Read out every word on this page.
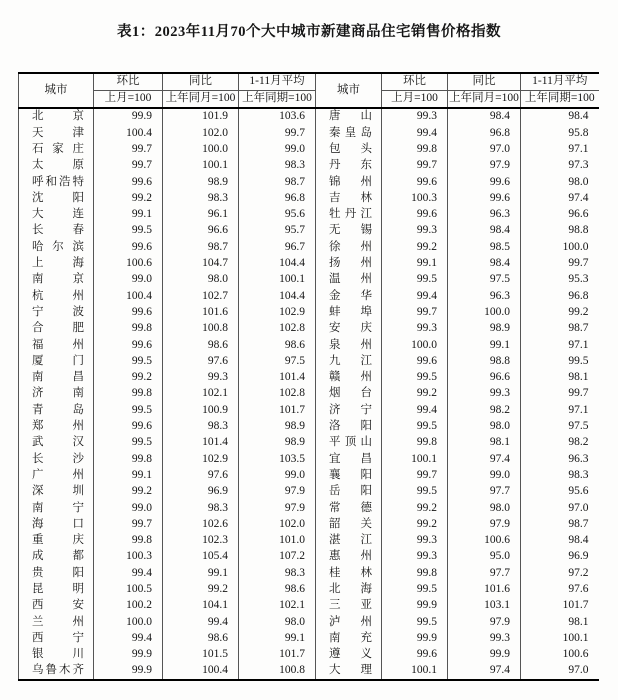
表1：2023年11月70个大中城市新建商品住宅销售价格指数
城市	环比	同比	1-11月平均	城市	环比	同比	1-11月平均
	上月=100	上年同月=100	上年同期=100		上月=100	上年同月=100	上年同期=100
北京	99.9	101.9	103.6	唐山	99.3	98.4	98.4
天津	100.4	102.0	99.7	秦皇岛	99.4	96.8	95.8
石家庄	99.7	100.0	99.0	包头	99.8	97.0	97.1
太原	99.7	100.1	98.3	丹东	99.7	97.9	97.3
呼和浩特	99.6	98.9	98.7	锦州	99.6	99.6	98.0
沈阳	99.2	98.3	96.8	吉林	100.3	99.6	97.4
大连	99.1	96.1	95.6	牡丹江	99.6	96.3	96.6
长春	99.5	96.6	95.7	无锡	99.3	98.4	98.8
哈尔滨	99.6	98.7	96.7	徐州	99.2	98.5	100.0
上海	100.6	104.7	104.4	扬州	99.1	98.4	99.7
南京	99.0	98.0	100.1	温州	99.5	97.5	95.3
杭州	100.4	102.7	104.4	金华	99.4	96.3	96.8
宁波	99.6	101.6	102.9	蚌埠	99.7	100.0	99.2
合肥	99.8	100.8	102.8	安庆	99.3	98.9	98.7
福州	99.6	98.6	98.6	泉州	100.0	99.1	97.1
厦门	99.5	97.6	97.5	九江	99.6	98.8	99.5
南昌	99.2	99.3	101.4	赣州	99.5	96.6	98.1
济南	99.8	102.1	102.8	烟台	99.2	99.3	99.7
青岛	99.5	100.9	101.7	济宁	99.4	98.2	97.1
郑州	99.6	98.3	98.9	洛阳	99.5	98.0	97.5
武汉	99.5	101.4	98.9	平顶山	99.8	98.1	98.2
长沙	99.8	102.9	103.5	宜昌	100.1	97.4	96.3
广州	99.1	97.6	99.0	襄阳	99.7	99.0	98.3
深圳	99.2	96.9	97.9	岳阳	99.5	97.7	95.6
南宁	99.0	98.3	97.9	常德	99.2	98.0	97.0
海口	99.7	102.6	102.0	韶关	99.2	97.9	98.7
重庆	99.8	102.3	101.0	湛江	99.3	100.6	98.4
成都	100.3	105.4	107.2	惠州	99.3	95.0	96.9
贵阳	99.4	99.1	98.3	桂林	99.8	97.7	97.2
昆明	100.5	99.2	98.6	北海	99.5	101.6	97.6
西安	100.2	104.1	102.1	三亚	99.9	103.1	101.7
兰州	100.0	99.4	98.0	泸州	99.5	97.9	98.1
西宁	99.4	98.6	99.1	南充	99.9	99.3	100.1
银川	99.9	101.5	101.7	遵义	99.6	99.9	100.6
乌鲁木齐	99.9	100.4	100.8	大理	100.1	97.4	97.0
